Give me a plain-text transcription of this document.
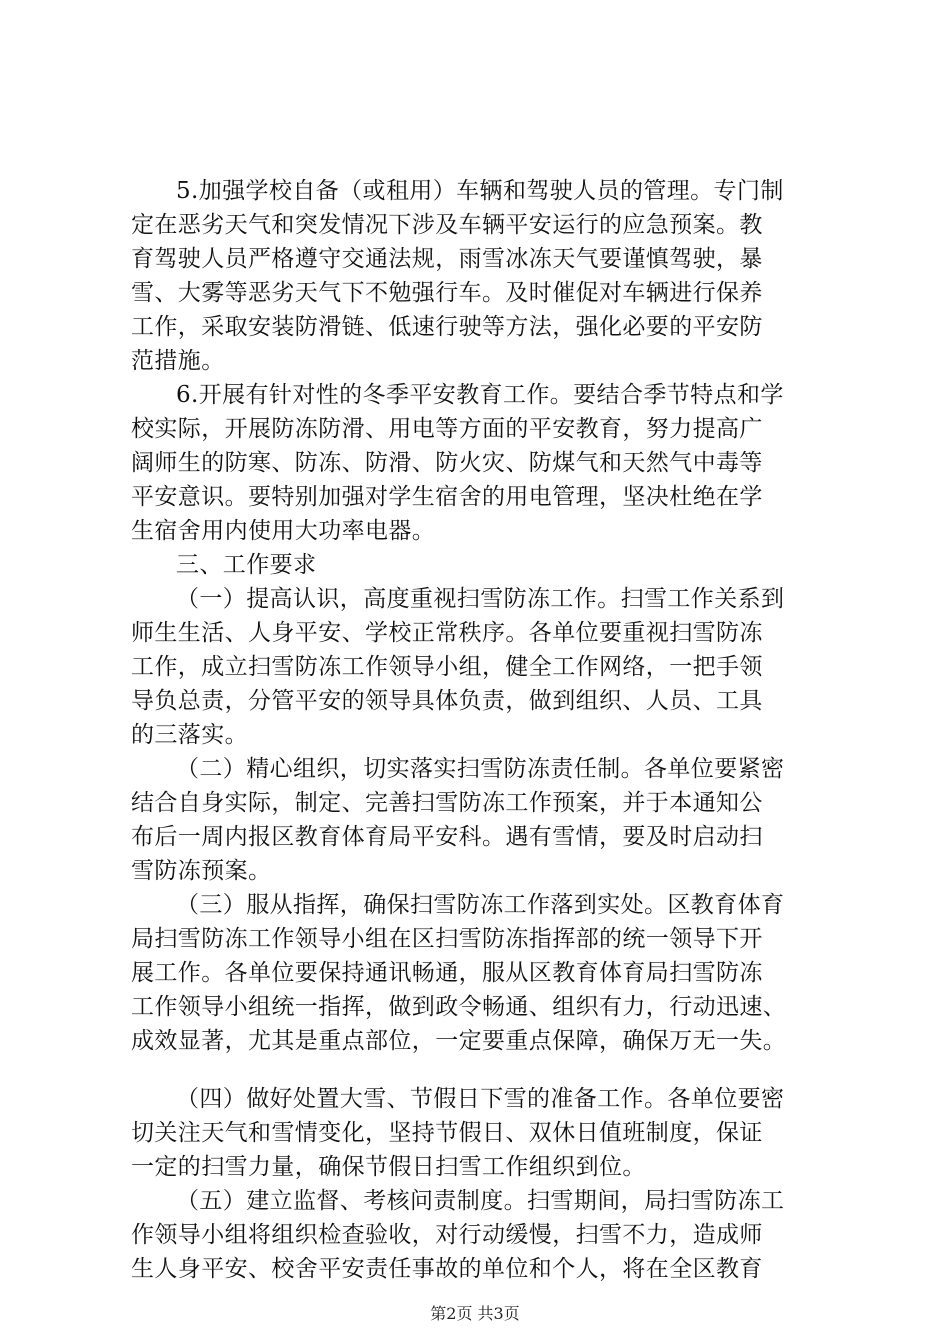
5.加强学校自备（或租用）车辆和驾驶人员的管理。专门制
定在恶劣天气和突发情况下涉及车辆平安运行的应急预案。教
育驾驶人员严格遵守交通法规，雨雪冰冻天气要谨慎驾驶，暴
雪、大雾等恶劣天气下不勉强行车。及时催促对车辆进行保养
工作，采取安装防滑链、低速行驶等方法，强化必要的平安防
范措施。
6.开展有针对性的冬季平安教育工作。要结合季节特点和学
校实际，开展防冻防滑、用电等方面的平安教育，努力提高广
阔师生的防寒、防冻、防滑、防火灾、防煤气和天然气中毒等
平安意识。要特别加强对学生宿舍的用电管理，坚决杜绝在学
生宿舍用内使用大功率电器。
三、工作要求
（一）提高认识，高度重视扫雪防冻工作。扫雪工作关系到
师生生活、人身平安、学校正常秩序。各单位要重视扫雪防冻
工作，成立扫雪防冻工作领导小组，健全工作网络，一把手领
导负总责，分管平安的领导具体负责，做到组织、人员、工具
的三落实。
（二）精心组织，切实落实扫雪防冻责任制。各单位要紧密
结合自身实际，制定、完善扫雪防冻工作预案，并于本通知公
布后一周内报区教育体育局平安科。遇有雪情，要及时启动扫
雪防冻预案。
（三）服从指挥，确保扫雪防冻工作落到实处。区教育体育
局扫雪防冻工作领导小组在区扫雪防冻指挥部的统一领导下开
展工作。各单位要保持通讯畅通，服从区教育体育局扫雪防冻
工作领导小组统一指挥，做到政令畅通、组织有力，行动迅速、
成效显著，尤其是重点部位，一定要重点保障，确保万无一失。
（四）做好处置大雪、节假日下雪的准备工作。各单位要密
切关注天气和雪情变化，坚持节假日、双休日值班制度，保证
一定的扫雪力量，确保节假日扫雪工作组织到位。
（五）建立监督、考核问责制度。扫雪期间，局扫雪防冻工
作领导小组将组织检查验收，对行动缓慢，扫雪不力，造成师
生人身平安、校舍平安责任事故的单位和个人，将在全区教育
第2页 共3页
